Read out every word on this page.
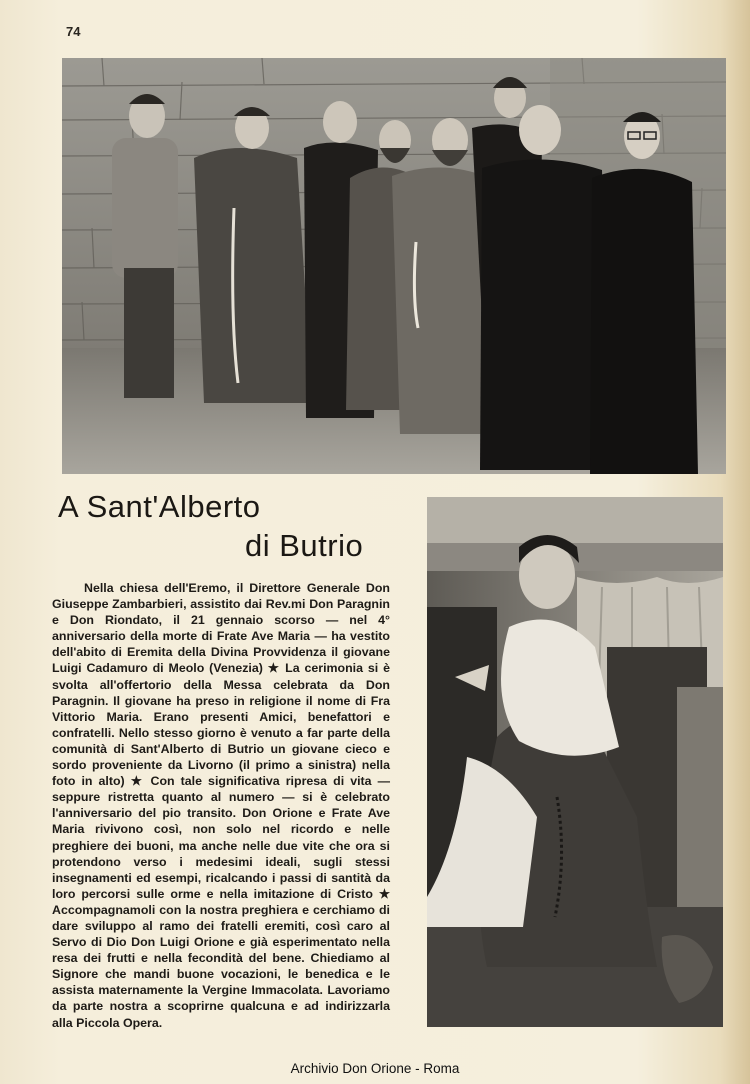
74
A Sant'Alberto
di Butrio

Nella chiesa dell'Eremo, il Direttore Generale Don Giuseppe Zambarbieri, assistito dai Rev.mi Don Paragnin e Don Riondato, il 21 gennaio scorso — nel 4° anniversario della morte di Frate Ave Maria — ha vestito dell'abito di Eremita della Divina Provvidenza il giovane Luigi Cadamuro di Meolo (Venezia) ★ La cerimonia si è svolta all'offertorio della Messa celebrata da Don Paragnin. Il giovane ha preso in religione il nome di Fra Vittorio Maria. Erano presenti Amici, benefattori e confratelli. Nello stesso giorno è venuto a far parte della comunità di Sant'Alberto di Butrio un giovane cieco e sordo proveniente da Livorno (il primo a sinistra) nella foto in alto) ★ Con tale significativa ripresa di vita — seppure ristretta quanto al numero — si è celebrato l'anniversario del pio transito. Don Orione e Frate Ave Maria rivivono così, non solo nel ricordo e nelle preghiere dei buoni, ma anche nelle due vite che ora si protendono verso i medesimi ideali, sugli stessi insegnamenti ed esempi, ricalcando i passi di santità da loro percorsi sulle orme e nella imitazione di Cristo ★ Accompagnamoli con la nostra preghiera e cerchiamo di dare sviluppo al ramo dei fratelli eremiti, così caro al Servo di Dio Don Luigi Orione e già esperimentato nella resa dei frutti e nella fecondità del bene. Chiediamo al Signore che mandi buone vocazioni, le benedica e le assista maternamente la Vergine Immacolata. Lavoriamo da parte nostra a scoprirne qualcuna e ad indirizzarla alla Piccola Opera.

Archivio Don Orione - Roma
